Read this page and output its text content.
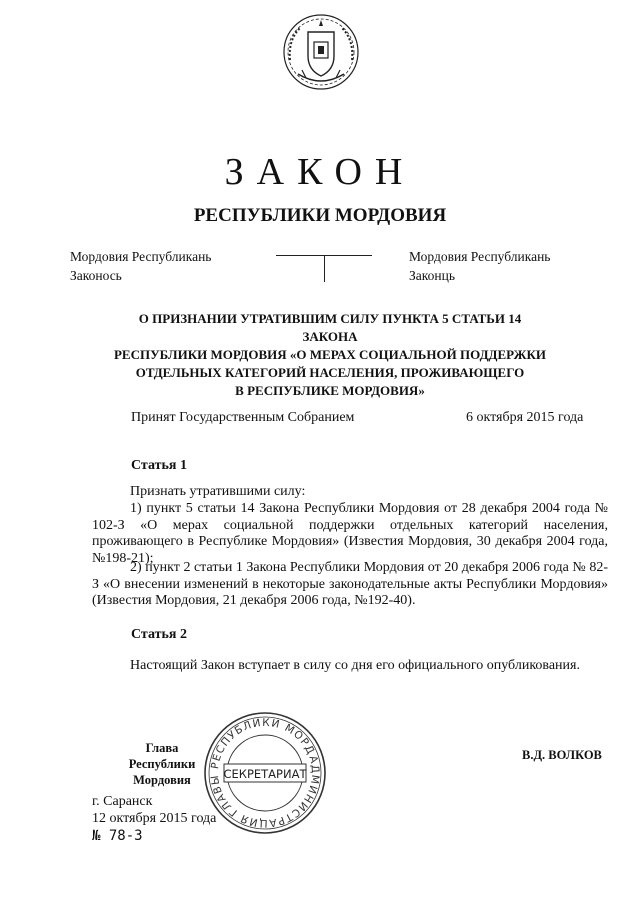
ЗАКОН
РЕСПУБЛИКИ МОРДОВИЯ
Мордовия Республикань
Законось
Мордовия Республикань
Законць
О ПРИЗНАНИИ УТРАТИВШИМ СИЛУ ПУНКТА 5 СТАТЬИ 14 ЗАКОНА
РЕСПУБЛИКИ МОРДОВИЯ «О МЕРАХ СОЦИАЛЬНОЙ ПОДДЕРЖКИ
ОТДЕЛЬНЫХ КАТЕГОРИЙ НАСЕЛЕНИЯ, ПРОЖИВАЮЩЕГО
В РЕСПУБЛИКЕ МОРДОВИЯ»
Принят Государственным Собранием	6 октября 2015 года
Статья 1
Признать утратившими силу:
1) пункт 5 статьи 14 Закона Республики Мордовия от 28 декабря 2004 года № 102-З «О мерах социальной поддержки отдельных категорий населения, проживающего в Республике Мордовия» (Известия Мордовия, 30 декабря 2004 года, №198-21);
2) пункт 2 статьи 1 Закона Республики Мордовия от 20 декабря 2006 года № 82-З «О внесении изменений в некоторые законодательные акты Республики Мордовия» (Известия Мордовия, 21 декабря 2006 года, №192-40).
Статья 2
Настоящий Закон вступает в силу со дня его официального опубликования.
Глава
Республики Мордовия
АДМИНИСТРАЦИЯ ГЛАВЫ РЕСПУБЛИКИ МОРДОВИЯ
СЕКРЕТАРИАТ
В.Д. ВОЛКОВ
г. Саранск
12 октября 2015 года
№ 78-З
